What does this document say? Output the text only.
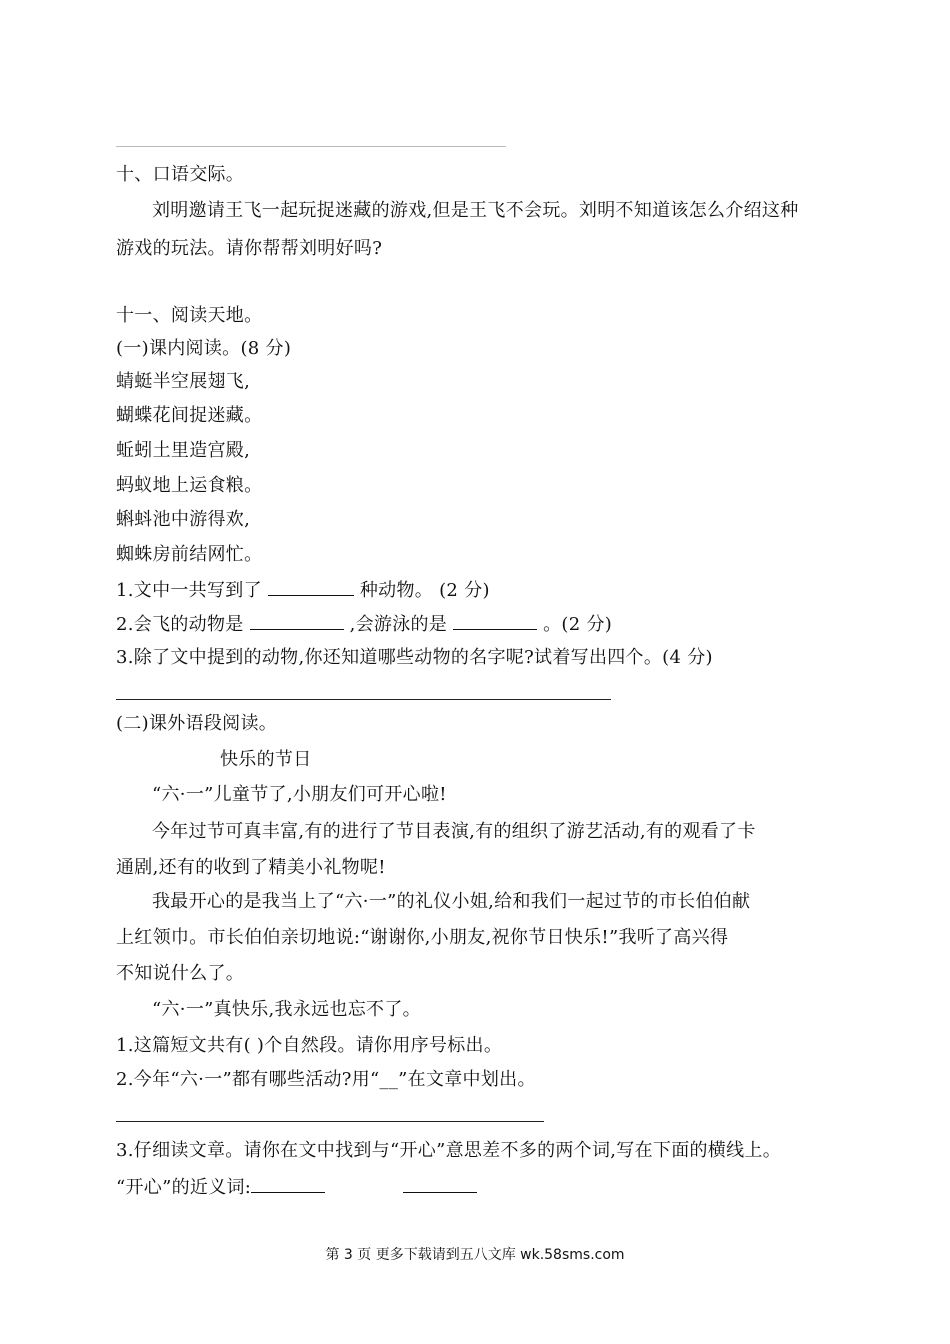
十、口语交际。
刘明邀请王飞一起玩捉迷藏的游戏,但是王飞不会玩。刘明不知道该怎么介绍这种
游戏的玩法。请你帮帮刘明好吗?
十一、阅读天地。
(一)课内阅读。(8 分)
蜻蜓半空展翅飞,
蝴蝶花间捉迷藏。
蚯蚓土里造宫殿,
蚂蚁地上运食粮。
蝌蚪池中游得欢,
蜘蛛房前结网忙。
1.文中一共写到了	种动物。 (2 分)
2.会飞的动物是	,会游泳的是	。(2 分)
3.除了文中提到的动物,你还知道哪些动物的名字呢?试着写出四个。(4 分)
(二)课外语段阅读。
快乐的节日
“六·一”儿童节了,小朋友们可开心啦!
今年过节可真丰富,有的进行了节目表演,有的组织了游艺活动,有的观看了卡
通剧,还有的收到了精美小礼物呢!
我最开心的是我当上了“六·一”的礼仪小姐,给和我们一起过节的市长伯伯献
上红领巾。市长伯伯亲切地说:“谢谢你,小朋友,祝你节日快乐!”我听了高兴得
不知说什么了。
“六·一”真快乐,我永远也忘不了。
1.这篇短文共有( )个自然段。请你用序号标出。
2.今年“六·一”都有哪些活动?用“__”在文章中划出。
3.仔细读文章。请你在文中找到与“开心”意思差不多的两个词,写在下面的横线上。
“开心”的近义词:
第 3 页 更多下载请到五八文库 wk.58sms.com
